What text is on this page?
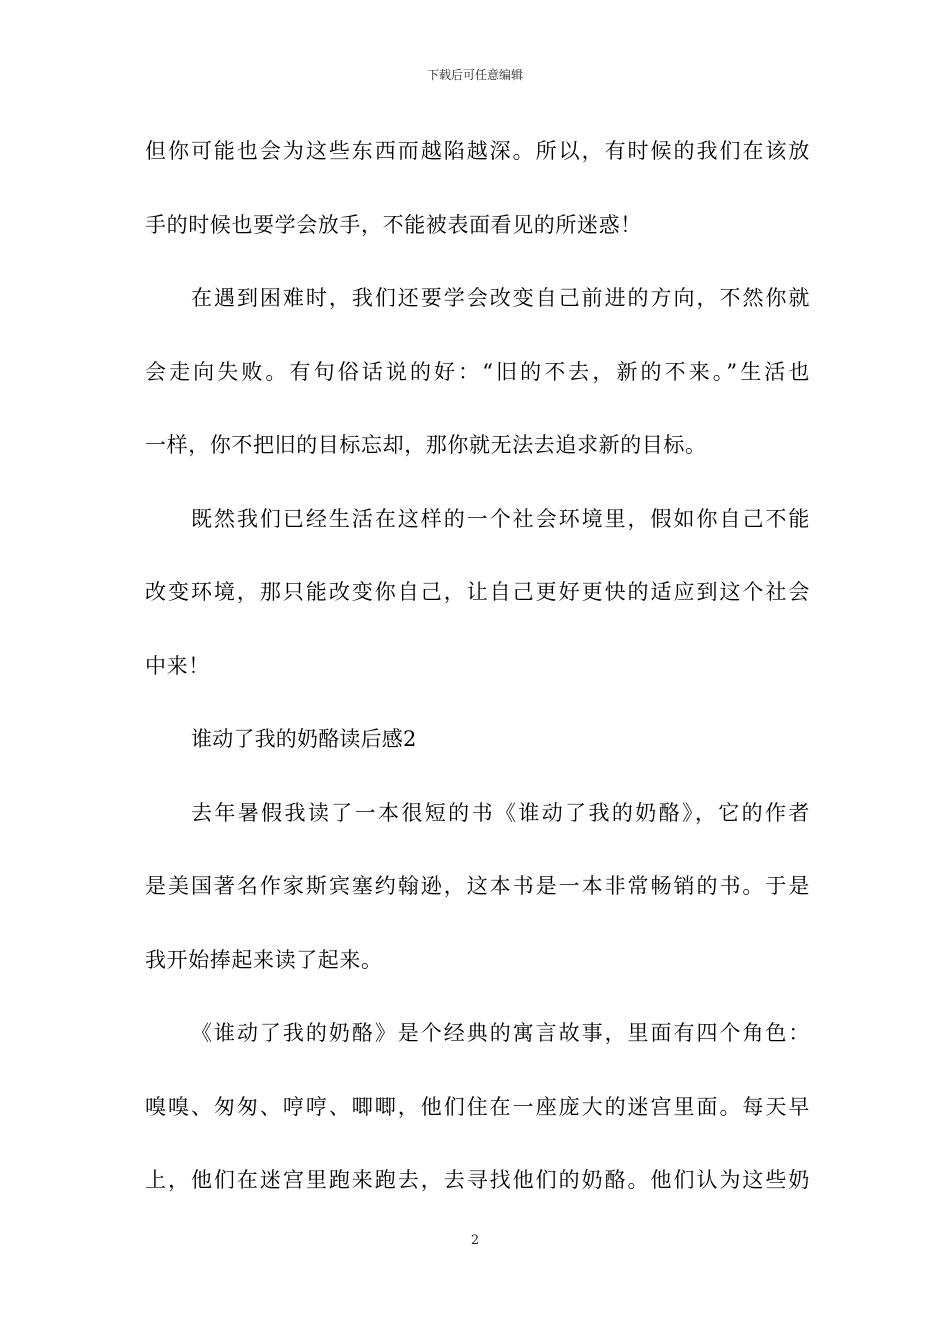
下载后可任意编辑
但你可能也会为这些东西而越陷越深。所以，有时候的我们在该放
手的时候也要学会放手，不能被表面看见的所迷惑！
在遇到困难时，我们还要学会改变自己前进的方向，不然你就
会走向失败。有句俗话说的好：“旧的不去，新的不来。”生活也
一样，你不把旧的目标忘却，那你就无法去追求新的目标。
既然我们已经生活在这样的一个社会环境里，假如你自己不能
改变环境，那只能改变你自己，让自己更好更快的适应到这个社会
中来！
谁动了我的奶酪读后感2
去年暑假我读了一本很短的书《谁动了我的奶酪》，它的作者
是美国著名作家斯宾塞约翰逊，这本书是一本非常畅销的书。于是
我开始捧起来读了起来。
《谁动了我的奶酪》是个经典的寓言故事，里面有四个角色：
嗅嗅、匆匆、哼哼、唧唧，他们住在一座庞大的迷宫里面。每天早
上，他们在迷宫里跑来跑去，去寻找他们的奶酪。他们认为这些奶
2
